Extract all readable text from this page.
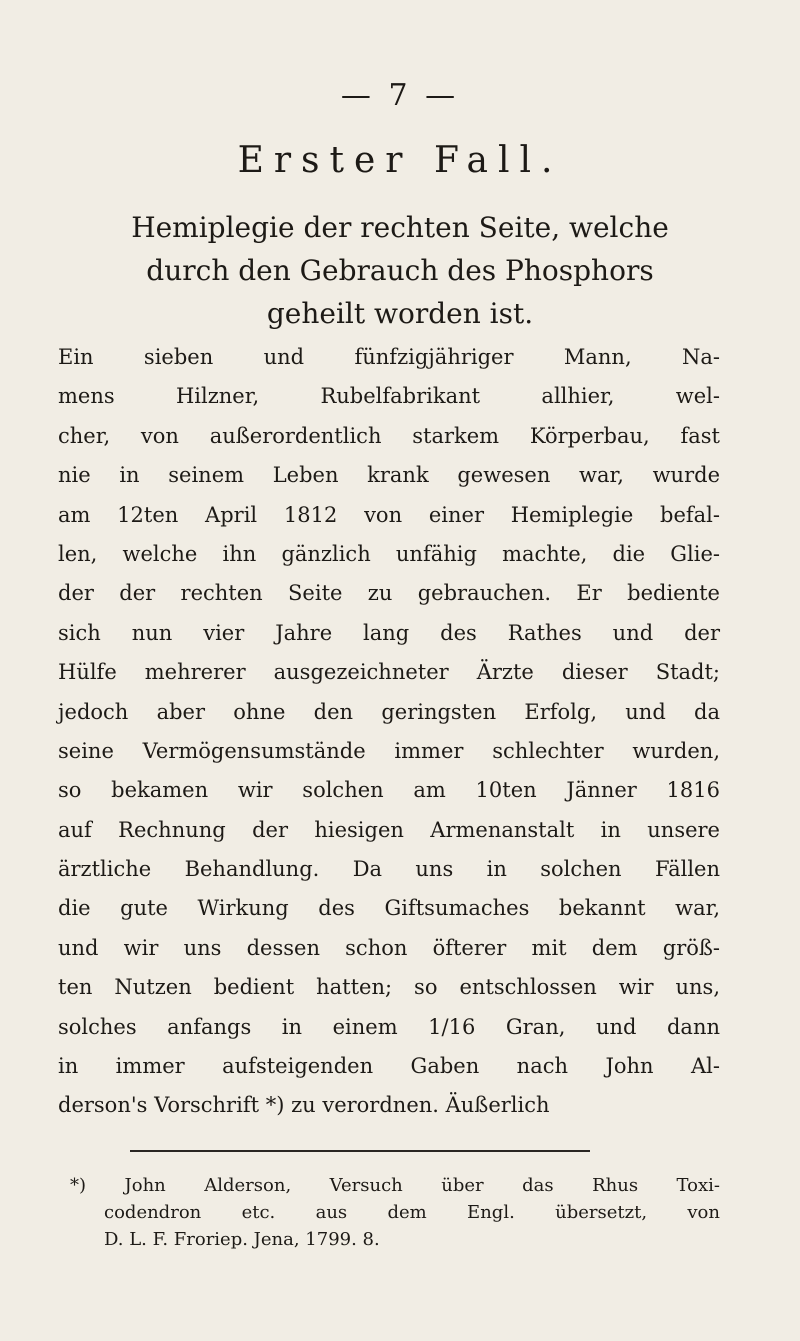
— 7 —
Erster Fall.
Hemiplegie der rechten Seite, welche durch den Gebrauch des Phosphors geheilt worden ist.
Ein sieben und fünfzigjähriger Mann, Na-
mens Hilzner, Rubelfabrikant allhier, wel-
cher, von außerordentlich starkem Körperbau, fast
nie in seinem Leben krank gewesen war, wurde
am 12ten April 1812 von einer Hemiplegie befal-
len, welche ihn gänzlich unfähig machte, die Glie-
der der rechten Seite zu gebrauchen. Er bediente
sich nun vier Jahre lang des Rathes und der
Hülfe mehrerer ausgezeichneter Ärzte dieser Stadt;
jedoch aber ohne den geringsten Erfolg, und da
seine Vermögensumstände immer schlechter wurden,
so bekamen wir solchen am 10ten Jänner 1816
auf Rechnung der hiesigen Armenanstalt in unsere
ärztliche Behandlung. Da uns in solchen Fällen
die gute Wirkung des Giftsumaches bekannt war,
und wir uns dessen schon öfterer mit dem größ-
ten Nutzen bedient hatten; so entschlossen wir uns,
solches anfangs in einem 1/16 Gran, und dann
in immer aufsteigenden Gaben nach John Al-
derson's Vorschrift *) zu verordnen. Äußerlich
*) John Alderson, Versuch über das Rhus Toxi-
codendron etc. aus dem Engl. übersetzt, von
D. L. F. Froriep. Jena, 1799. 8.
